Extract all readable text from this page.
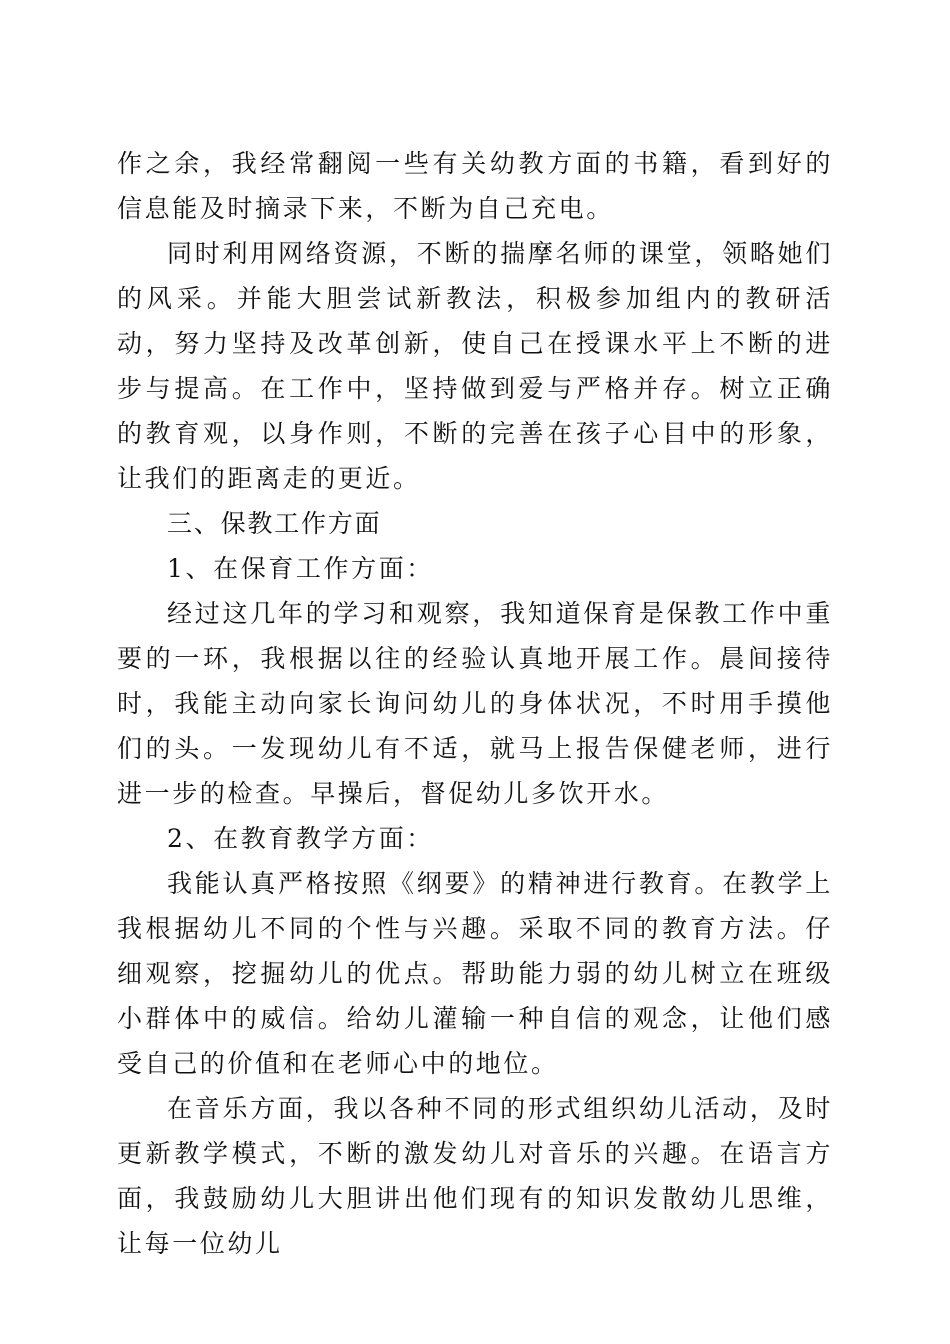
作之余，我经常翻阅一些有关幼教方面的书籍，看到好的信息能及时摘录下来，不断为自己充电。

同时利用网络资源，不断的揣摩名师的课堂，领略她们的风采。并能大胆尝试新教法，积极参加组内的教研活动，努力坚持及改革创新，使自己在授课水平上不断的进步与提高。在工作中，坚持做到爱与严格并存。树立正确的教育观，以身作则，不断的完善在孩子心目中的形象，让我们的距离走的更近。

三、保教工作方面

1、在保育工作方面：

经过这几年的学习和观察，我知道保育是保教工作中重要的一环，我根据以往的经验认真地开展工作。晨间接待时，我能主动向家长询问幼儿的身体状况，不时用手摸他们的头。一发现幼儿有不适，就马上报告保健老师，进行进一步的检查。早操后，督促幼儿多饮开水。

2、在教育教学方面：

我能认真严格按照《纲要》的精神进行教育。在教学上我根据幼儿不同的个性与兴趣。采取不同的教育方法。仔细观察，挖掘幼儿的优点。帮助能力弱的幼儿树立在班级小群体中的威信。给幼儿灌输一种自信的观念，让他们感受自己的价值和在老师心中的地位。

在音乐方面，我以各种不同的形式组织幼儿活动，及时更新教学模式，不断的激发幼儿对音乐的兴趣。在语言方面，我鼓励幼儿大胆讲出他们现有的知识发散幼儿思维，让每一位幼儿
